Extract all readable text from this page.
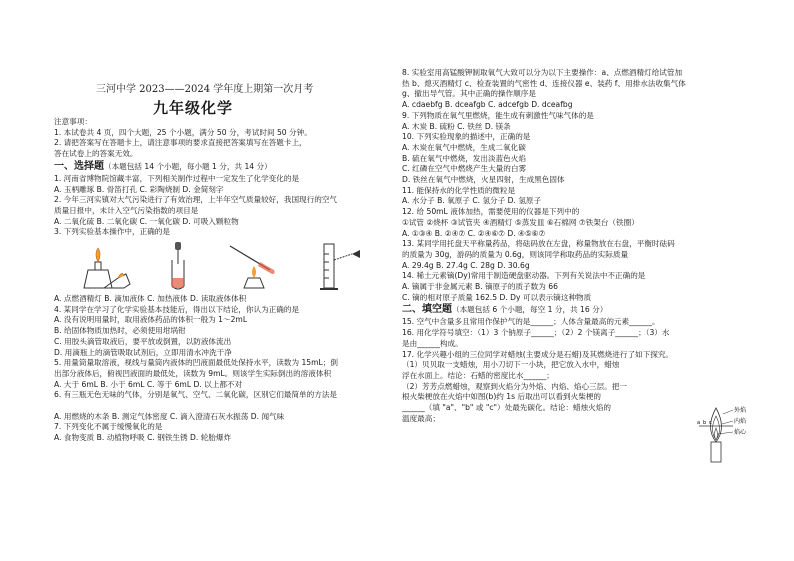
三河中学 2023——2024 学年度上期第一次月考
九年级化学
注意事项：
1. 本试卷共 4 页，四个大题，25 个小题，满分 50 分，考试时间 50 分钟。
2. 请把答案写在答题卡上，请注意事项的要求直接把答案填写在答题卡上，
答在试卷上的答案无效。
一、选择题（本题包括 14 个小题，每小题 1 分，共 14 分）
1. 河南省博物院馆藏丰富，下列相关制作过程中一定发生了化学变化的是
A. 玉柄雕琢 B. 骨笛打孔 C. 彩陶烧制 D. 金简刻字
2. 今年三河实镇对大气污染进行了有效治理，上半年空气质量较好，我国现行的空气
质量日报中，未计入空气污染指数的项目是
A. 二氧化硫 B. 二氧化碳 C. 一氧化碳 D. 可吸入颗粒物
3. 下列实验基本操作中，正确的是
A. 点燃酒精灯 B. 滴加液体 C. 加热液体 D. 读取液体体积
4. 某同学在学习了化学实验基本技能后，得出以下结论，你认为正确的是
A. 没有说明用量时，取用液体药品的体积一般为 1～2mL
B. 给固体物质加热时，必须使用坩埚钳
C. 用胶头滴管取液后，要平放或倒置，以防液体流出
D. 用滴瓶上的滴管吸取试剂后，立即用清水冲洗干净
5. 用量筒量取溶液，视线与量筒内液体的凹液面最低处保持水平，读数为 15mL；倒
出部分液体后，俯视凹液面的最低处，读数为 9mL。则该学生实际倒出的溶液体积
A. 大于 6mL B. 小于 6mL C. 等于 6mL D. 以上都不对
6. 有三瓶无色无味的气体，分别是氧气、空气、二氧化碳，区别它们最简单的方法是
A. 用燃烧的木条 B. 测定气体密度 C. 滴入澄清石灰水振荡 D. 闻气味
7. 下列变化不属于缓慢氧化的是
A. 食物变质 B. 动植物呼吸 C. 钢铁生锈 D. 轮胎爆炸
8. 实验室用高锰酸钾制取氧气大致可以分为以下主要操作：a、点燃酒精灯给试管加
热 b、熄灭酒精灯 c、检查装置的气密性 d、连接仪器 e、装药 f、用排水法收集气体
g、撤出导气管。其中正确的操作顺序是
A. cdaebfg B. dceafgb C. adcefgb D. dceafbg
9. 下列物质在氧气里燃烧，能生成有刺激性气味气体的是
A. 木炭 B. 硫粉 C. 铁丝 D. 镁条
10. 下列实验现象的描述中，正确的是
A. 木炭在氧气中燃烧，生成二氧化碳
B. 硫在氧气中燃烧，发出淡蓝色火焰
C. 红磷在空气中燃烧产生大量的白雾
D. 铁丝在氧气中燃烧，火星四射，生成黑色固体
11. 能保持水的化学性质的微粒是
A. 水分子 B. 氧原子 C. 氢分子 D. 氢原子
12. 给 50mL 液体加热，需要使用的仪器是下列中的
①试管 ②烧杯 ③试管夹 ④酒精灯 ⑤蒸发皿 ⑥石棉网 ⑦铁架台（铁圈）
A. ①③④ B. ②④⑦ C. ②④⑥⑦ D. ④⑤⑥⑦
13. 某同学用托盘天平称量药品，将砝码放在左盘，称量物放在右盘，平衡时砝码
的质量为 30g，游码的质量为 0.6g，则该同学称取药品的实际质量
A. 29.4g B. 27.4g C. 28g D. 30.6g
14. 稀土元素镝(Dy)常用于制造硬盘驱动器。下列有关说法中不正确的是
A. 镝属于非金属元素 B. 镝原子的质子数为 66
C. 镝的相对原子质量 162.5 D. Dy 可以表示镝这种物质
二、填空题（本题包括 6 个小题，每空 1 分，共 16 分）
15. 空气中含量多且常用作保护气的是______；人体含量最高的元素______。
16. 用化学符号填空：（1）3 个钠原子______；（2）2 个镁离子______；（3）水
是由______构成。
17. 化学兴趣小组的三位同学对蜡烛(主要成分是石蜡)及其燃烧进行了如下探究。
（1）贝贝取一支蜡烛，用小刀切下一小块，把它放入水中，蜡烛
浮在水面上。结论：石蜡的密度比水______；
（2）芳芳点燃蜡烛，观察到火焰分为外焰、内焰、焰心三层。把一
根火柴梗放在火焰中如图(b)约 1s 后取出可以看到火柴梗的
______（填 "a"、"b" 或 "c"）处最先碳化。结论：蜡烛火焰的
温度最高；
外焰
内焰
焰心
a b c
